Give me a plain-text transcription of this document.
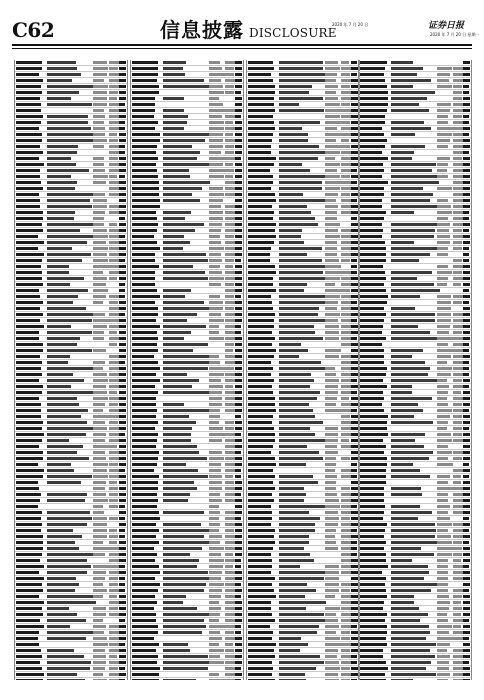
C62	信息披露 DISCLOSURE
2020 年 7 月 20 日	证券日报
2020 年 7 月 20 日 星期一
